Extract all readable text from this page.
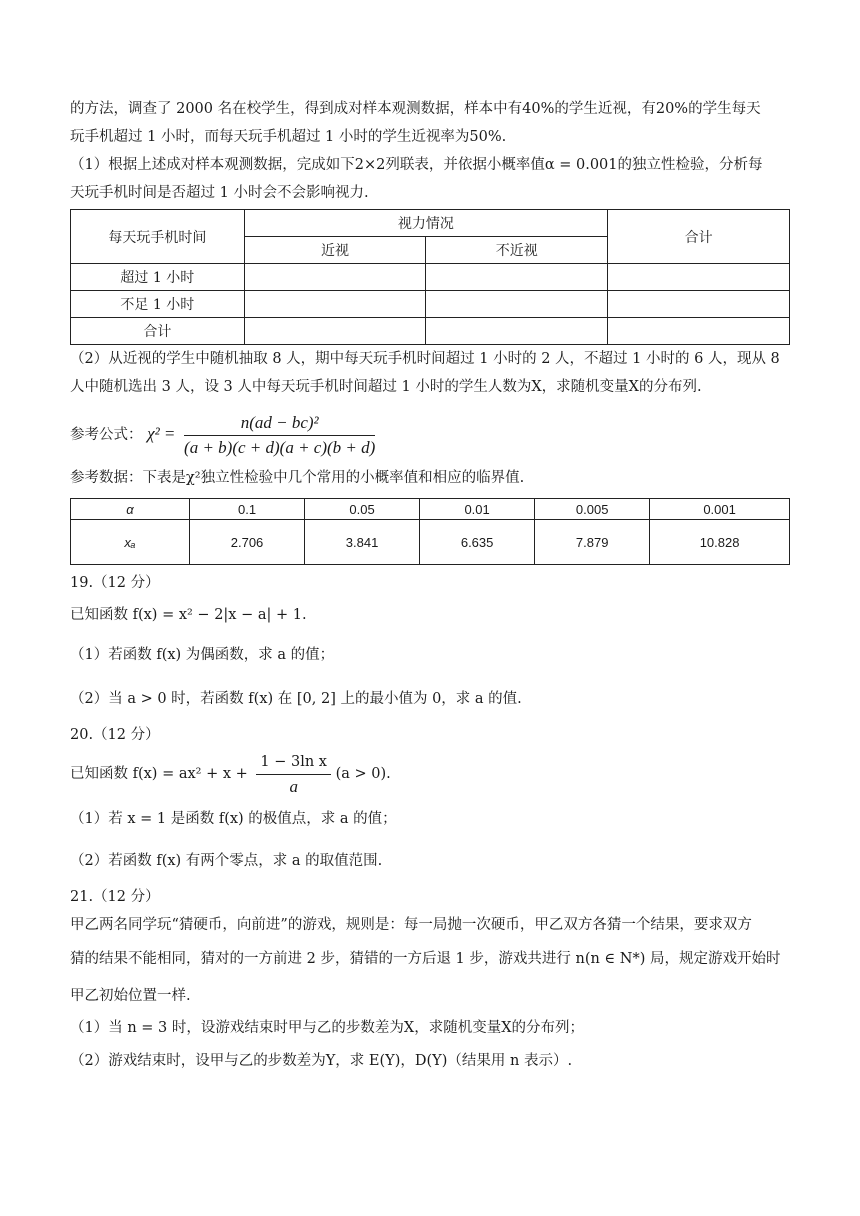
的方法，调查了 2000 名在校学生，得到成对样本观测数据，样本中有40%的学生近视，有20%的学生每天

玩手机超过 1 小时，而每天玩手机超过 1 小时的学生近视率为50%.

（1）根据上述成对样本观测数据，完成如下2×2列联表，并依据小概率值α = 0.001的独立性检验，分析每

天玩手机时间是否超过 1 小时会不会影响视力.

每天玩手机时间	视力情况		合计
	近视	不近视	
超过 1 小时			
不足 1 小时			
合计			

（2）从近视的学生中随机抽取 8 人，期中每天玩手机时间超过 1 小时的 2 人，不超过 1 小时的 6 人，现从 8

人中随机选出 3 人，设 3 人中每天玩手机时间超过 1 小时的学生人数为X，求随机变量X的分布列.

参考公式： $\chi^2 = \frac{\text{n(ad − bc)²}}{(a + b)(c + d)(a + c)(b + d)}$

参考数据：下表是χ²独立性检验中几个常用的小概率值和相应的临界值.

α	0.1	0.05	0.01	0.005	0.001
xₐ	2.706	3.841	6.635	7.879	10.828

19.（12 分）

已知函数 f(x) = x² − 2|x − a| + 1.

（1）若函数 f(x) 为偶函数，求 a 的值；

（2）当 a > 0 时，若函数 f(x) 在 [0, 2] 上的最小值为 0，求 a 的值.

20.（12 分）

已知函数 $f(x) = ax^2 + x + \frac{\text{1 − 3ln x}}{a} (a > 0)$.

（1）若 x = 1 是函数 f(x) 的极值点，求 a 的值；

（2）若函数 f(x) 有两个零点，求 a 的取值范围.

21.（12 分）

甲乙两名同学玩“猜硬币，向前进”的游戏，规则是：每一局抛一次硬币，甲乙双方各猜一个结果，要求双方

猜的结果不能相同，猜对的一方前进 2 步，猜错的一方后退 1 步，游戏共进行 n(n ∈ N*) 局，规定游戏开始时

甲乙初始位置一样.

（1）当 n = 3 时，设游戏结束时甲与乙的步数差为X，求随机变量X的分布列；

（2）游戏结束时，设甲与乙的步数差为Y，求 E(Y)，D(Y)（结果用 n 表示）.
